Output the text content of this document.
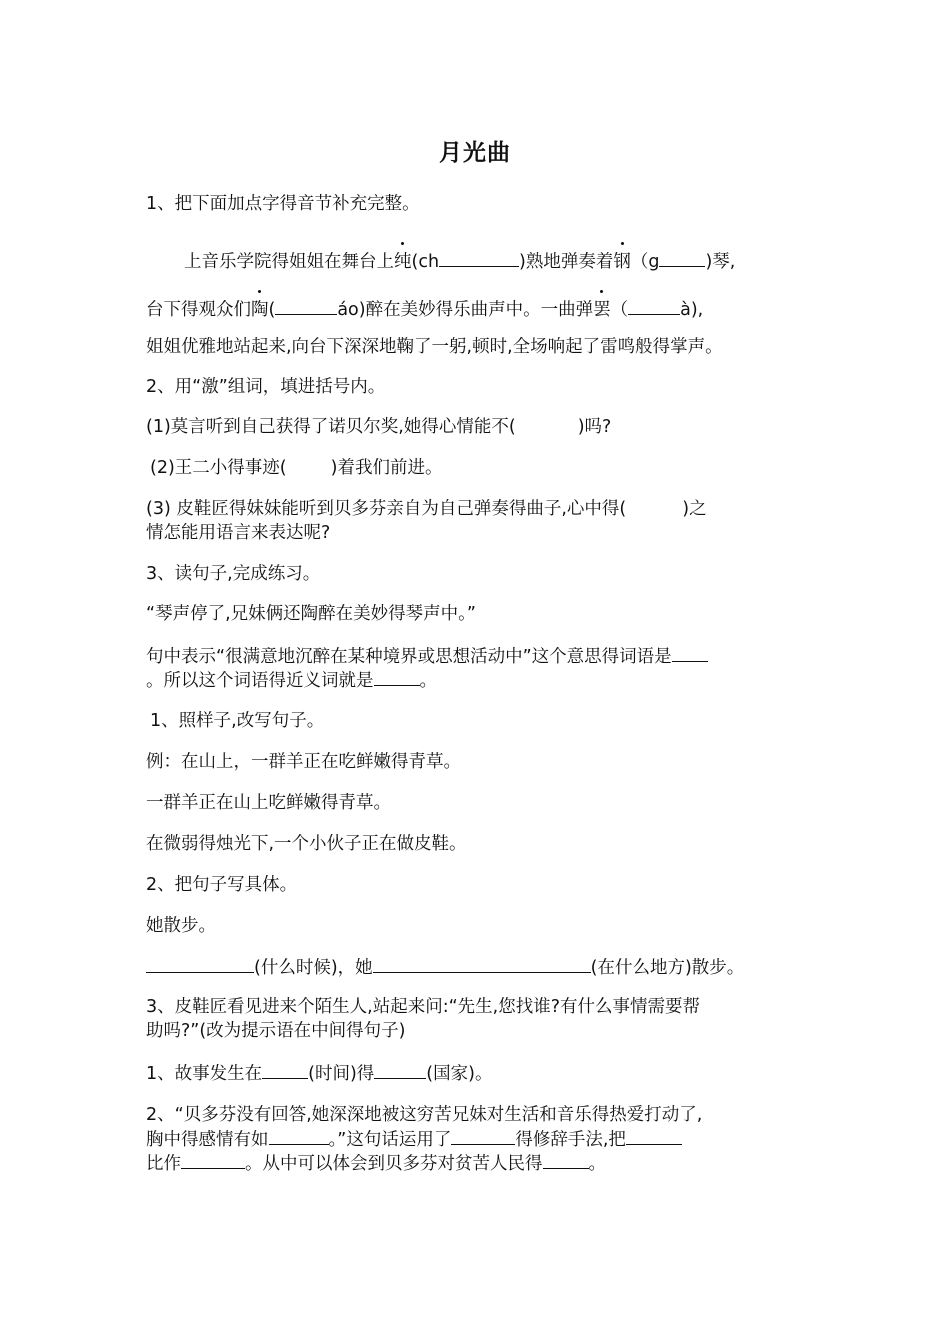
月光曲
1、把下面加点字得音节补充完整。
上音乐学院得姐姐在舞台上纯(ch	)熟地弹奏着钢（g	)琴,
台下得观众们陶(	áo)醉在美妙得乐曲声中。一曲弹罢（	à),
姐姐优雅地站起来,向台下深深地鞠了一躬,顿时,全场响起了雷鸣般得掌声。
2、用“激”组词，填进括号内。
(1)莫言听到自己获得了诺贝尔奖,她得心情能不(	)吗?
(2)王二小得事迹(	)着我们前进。
(3) 皮鞋匠得妹妹能听到贝多芬亲自为自己弹奏得曲子,心中得(	)之
情怎能用语言来表达呢?
3、读句子,完成练习。
“琴声停了,兄妹俩还陶醉在美妙得琴声中。”
句中表示“很满意地沉醉在某种境界或思想活动中”这个意思得词语是
。所以这个词语得近义词就是	。
1、照样子,改写句子。
例：在山上，一群羊正在吃鲜嫩得青草。
一群羊正在山上吃鲜嫩得青草。
在微弱得烛光下,一个小伙子正在做皮鞋。
2、把句子写具体。
她散步。
(什么时候)，她	(在什么地方)散步。
3、皮鞋匠看见进来个陌生人,站起来问:“先生,您找谁?有什么事情需要帮
助吗?”(改为提示语在中间得句子)
1、故事发生在	(时间)得	(国家)。
2、“贝多芬没有回答,她深深地被这穷苦兄妹对生活和音乐得热爱打动了,
胸中得感情有如	。”这句话运用了	得修辞手法,把
比作	。从中可以体会到贝多芬对贫苦人民得	。
